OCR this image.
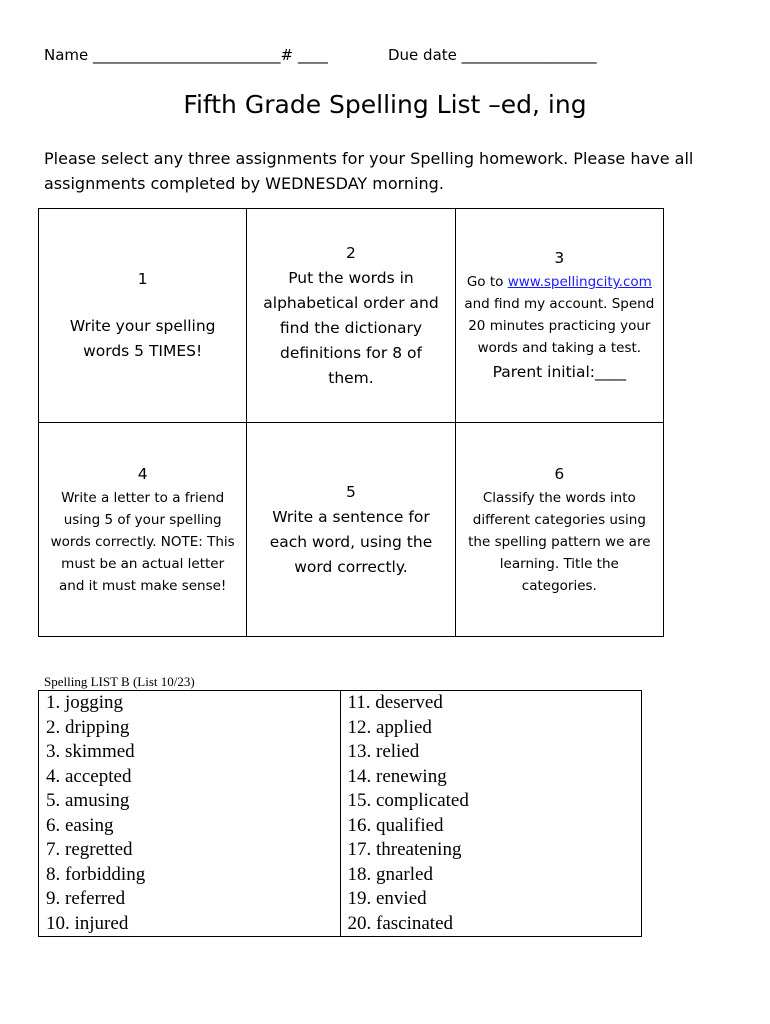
Name _________________________# ____	Due date __________________
Fifth Grade Spelling List –ed, ing
Please select any three assignments for your Spelling homework. Please have all assignments completed by WEDNESDAY morning.
1
Write your spelling words 5 TIMES!	2
Put the words in alphabetical order and find the dictionary definitions for 8 of them.	3
Go to www.spellingcity.com and find my account. Spend 20 minutes practicing your words and taking a test.
Parent initial:____

4
Write a letter to a friend using 5 of your spelling words correctly. NOTE: This must be an actual letter and it must make sense!	5
Write a sentence for each word, using the word correctly.	6
Classify the words into different categories using the spelling pattern we are learning. Title the categories.
Spelling LIST B (List 10/23)
1. jogging
2. dripping
3. skimmed
4. accepted
5. amusing
6. easing
7. regretted
8. forbidding
9. referred
10. injured

11. deserved
12. applied
13. relied
14. renewing
15. complicated
16. qualified
17. threatening
18. gnarled
19. envied
20. fascinated
